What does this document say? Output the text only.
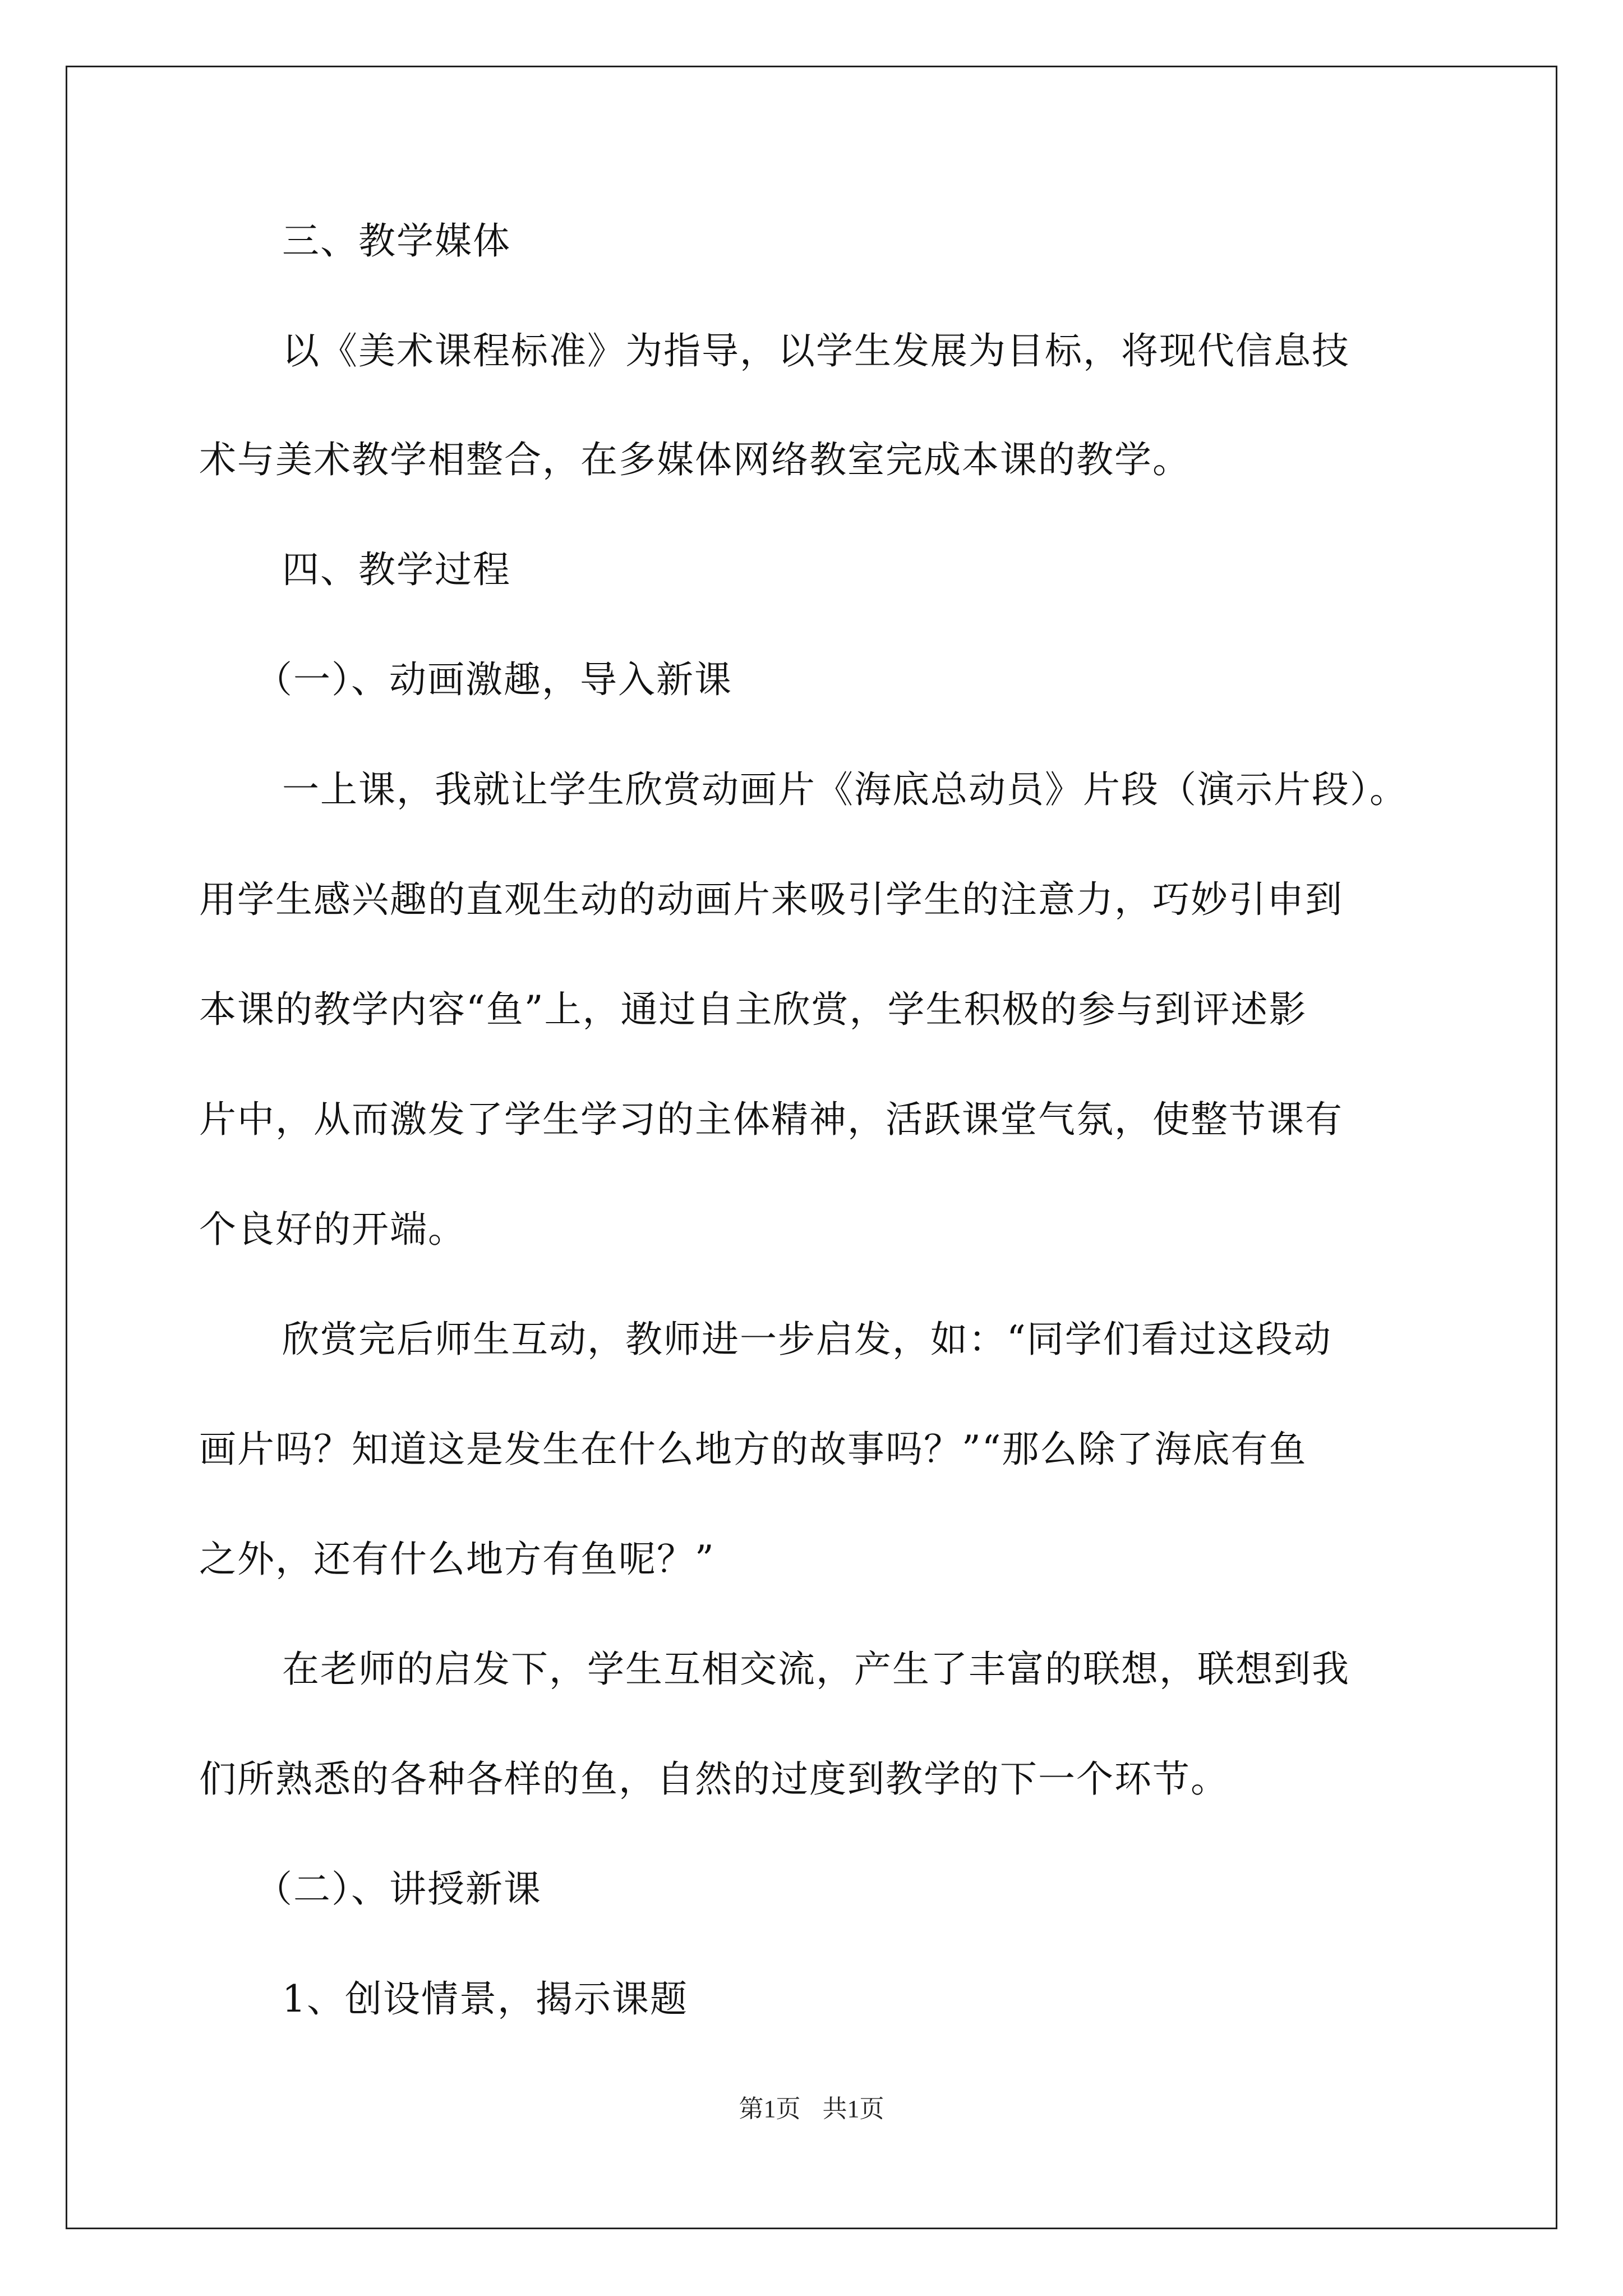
三、教学媒体
以《美术课程标准》为指导，以学生发展为目标，将现代信息技
术与美术教学相整合，在多媒体网络教室完成本课的教学。
四、教学过程
（一）、动画激趣，导入新课
一上课，我就让学生欣赏动画片《海底总动员》片段（演示片段）。
用学生感兴趣的直观生动的动画片来吸引学生的注意力，巧妙引申到
本课的教学内容“鱼”上，通过自主欣赏，学生积极的参与到评述影
片中，从而激发了学生学习的主体精神，活跃课堂气氛，使整节课有
个良好的开端。
欣赏完后师生互动，教师进一步启发，如：“同学们看过这段动
画片吗？知道这是发生在什么地方的故事吗？”“那么除了海底有鱼
之外，还有什么地方有鱼呢？”
在老师的启发下，学生互相交流，产生了丰富的联想，联想到我
们所熟悉的各种各样的鱼，自然的过度到教学的下一个环节。
（二）、讲授新课
1、创设情景，揭示课题
第1页 共1页
